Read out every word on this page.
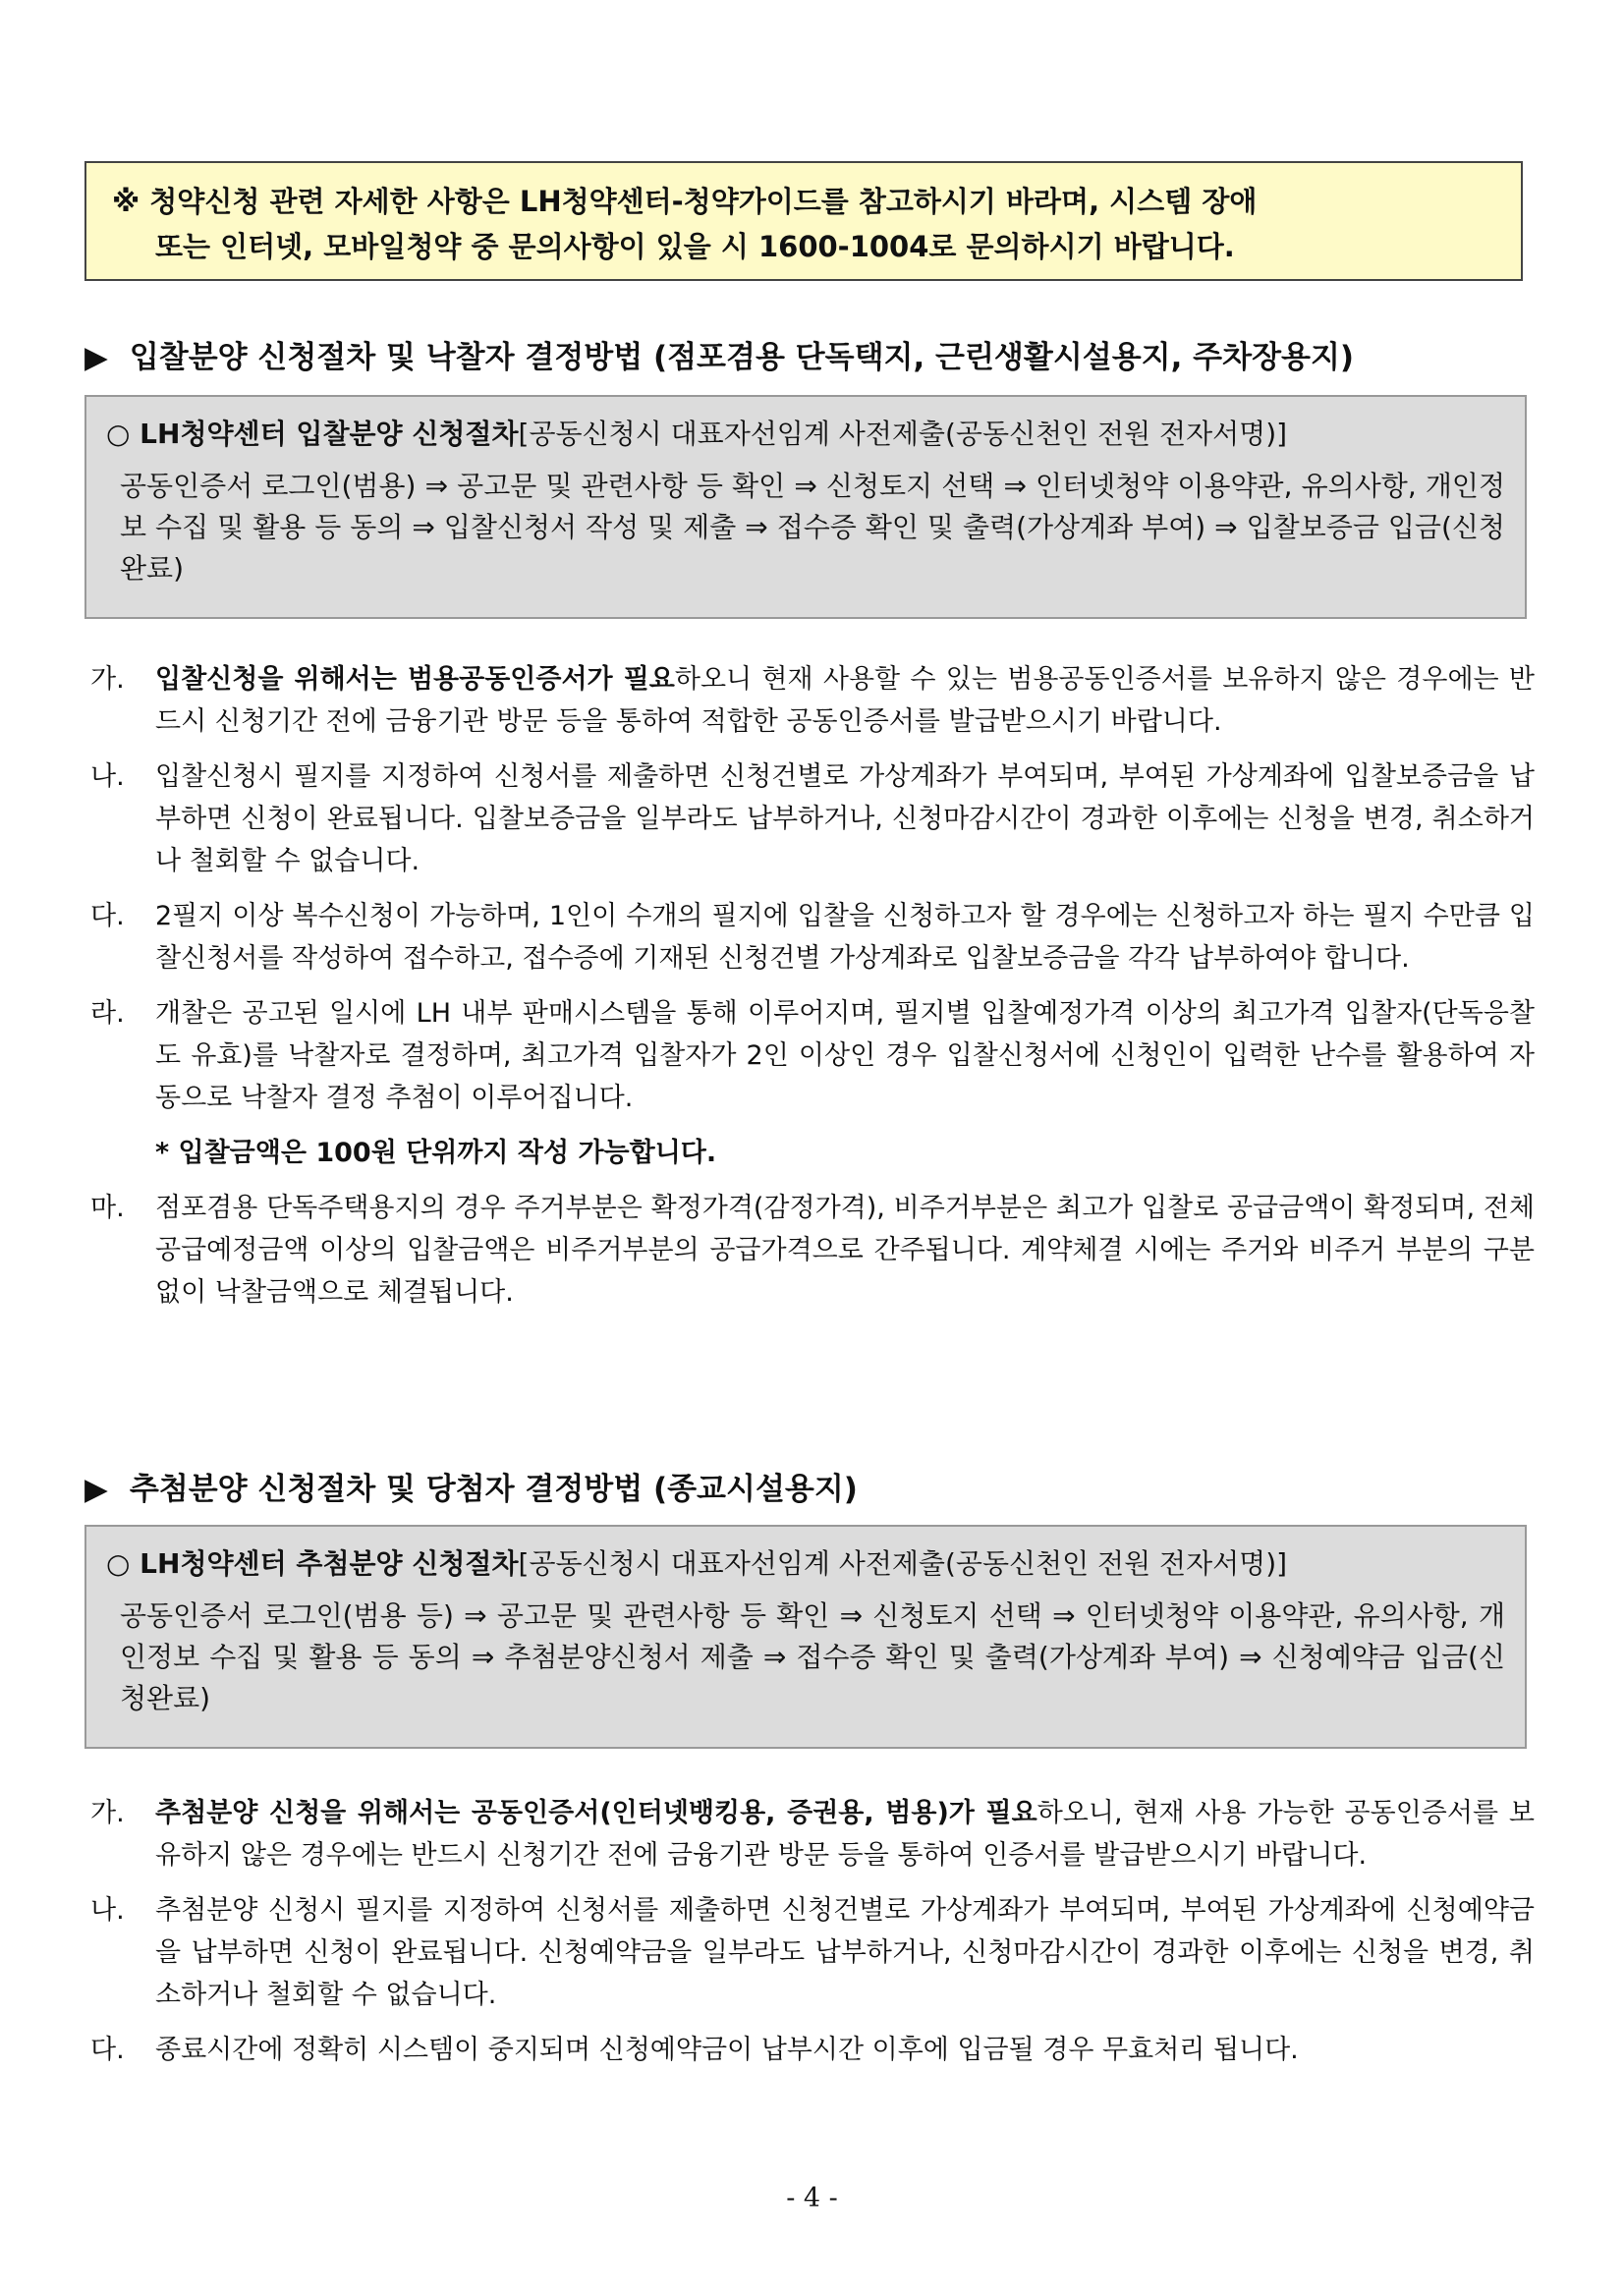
※ 청약신청 관련 자세한 사항은 LH청약센터-청약가이드를 참고하시기 바라며, 시스템 장애
또는 인터넷, 모바일청약 중 문의사항이 있을 시 1600-1004로 문의하시기 바랍니다.
▶ 입찰분양 신청절차 및 낙찰자 결정방법 (점포겸용 단독택지, 근린생활시설용지, 주차장용지)
○ LH청약센터 입찰분양 신청절차[공동신청시 대표자선임계 사전제출(공동신천인 전원 전자서명)]
공동인증서 로그인(범용) ⇒ 공고문 및 관련사항 등 확인 ⇒ 신청토지 선택 ⇒ 인터넷청약 이용약관, 유의사항, 개인정보 수집 및 활용 등 동의 ⇒ 입찰신청서 작성 및 제출 ⇒ 접수증 확인 및 출력(가상계좌 부여) ⇒ 입찰보증금 입금(신청완료)
가. 입찰신청을 위해서는 범용공동인증서가 필요하오니 현재 사용할 수 있는 범용공동인증서를 보유하지 않은 경우에는 반드시 신청기간 전에 금융기관 방문 등을 통하여 적합한 공동인증서를 발급받으시기 바랍니다.
나. 입찰신청시 필지를 지정하여 신청서를 제출하면 신청건별로 가상계좌가 부여되며, 부여된 가상계좌에 입찰보증금을 납부하면 신청이 완료됩니다. 입찰보증금을 일부라도 납부하거나, 신청마감시간이 경과한 이후에는 신청을 변경, 취소하거나 철회할 수 없습니다.
다. 2필지 이상 복수신청이 가능하며, 1인이 수개의 필지에 입찰을 신청하고자 할 경우에는 신청하고자 하는 필지 수만큼 입찰신청서를 작성하여 접수하고, 접수증에 기재된 신청건별 가상계좌로 입찰보증금을 각각 납부하여야 합니다.
라. 개찰은 공고된 일시에 LH 내부 판매시스템을 통해 이루어지며, 필지별 입찰예정가격 이상의 최고가격 입찰자(단독응찰도 유효)를 낙찰자로 결정하며, 최고가격 입찰자가 2인 이상인 경우 입찰신청서에 신청인이 입력한 난수를 활용하여 자동으로 낙찰자 결정 추첨이 이루어집니다.
* 입찰금액은 100원 단위까지 작성 가능합니다.
마. 점포겸용 단독주택용지의 경우 주거부분은 확정가격(감정가격), 비주거부분은 최고가 입찰로 공급금액이 확정되며, 전체 공급예정금액 이상의 입찰금액은 비주거부분의 공급가격으로 간주됩니다. 계약체결 시에는 주거와 비주거 부분의 구분 없이 낙찰금액으로 체결됩니다.
▶ 추첨분양 신청절차 및 당첨자 결정방법 (종교시설용지)
○ LH청약센터 추첨분양 신청절차[공동신청시 대표자선임계 사전제출(공동신천인 전원 전자서명)]
공동인증서 로그인(범용 등) ⇒ 공고문 및 관련사항 등 확인 ⇒ 신청토지 선택 ⇒ 인터넷청약 이용약관, 유의사항, 개인정보 수집 및 활용 등 동의 ⇒ 추첨분양신청서 제출 ⇒ 접수증 확인 및 출력(가상계좌 부여) ⇒ 신청예약금 입금(신청완료)
가. 추첨분양 신청을 위해서는 공동인증서(인터넷뱅킹용, 증권용, 범용)가 필요하오니, 현재 사용 가능한 공동인증서를 보유하지 않은 경우에는 반드시 신청기간 전에 금융기관 방문 등을 통하여 인증서를 발급받으시기 바랍니다.
나. 추첨분양 신청시 필지를 지정하여 신청서를 제출하면 신청건별로 가상계좌가 부여되며, 부여된 가상계좌에 신청예약금을 납부하면 신청이 완료됩니다. 신청예약금을 일부라도 납부하거나, 신청마감시간이 경과한 이후에는 신청을 변경, 취소하거나 철회할 수 없습니다.
다. 종료시간에 정확히 시스템이 중지되며 신청예약금이 납부시간 이후에 입금될 경우 무효처리 됩니다.
- 4 -
